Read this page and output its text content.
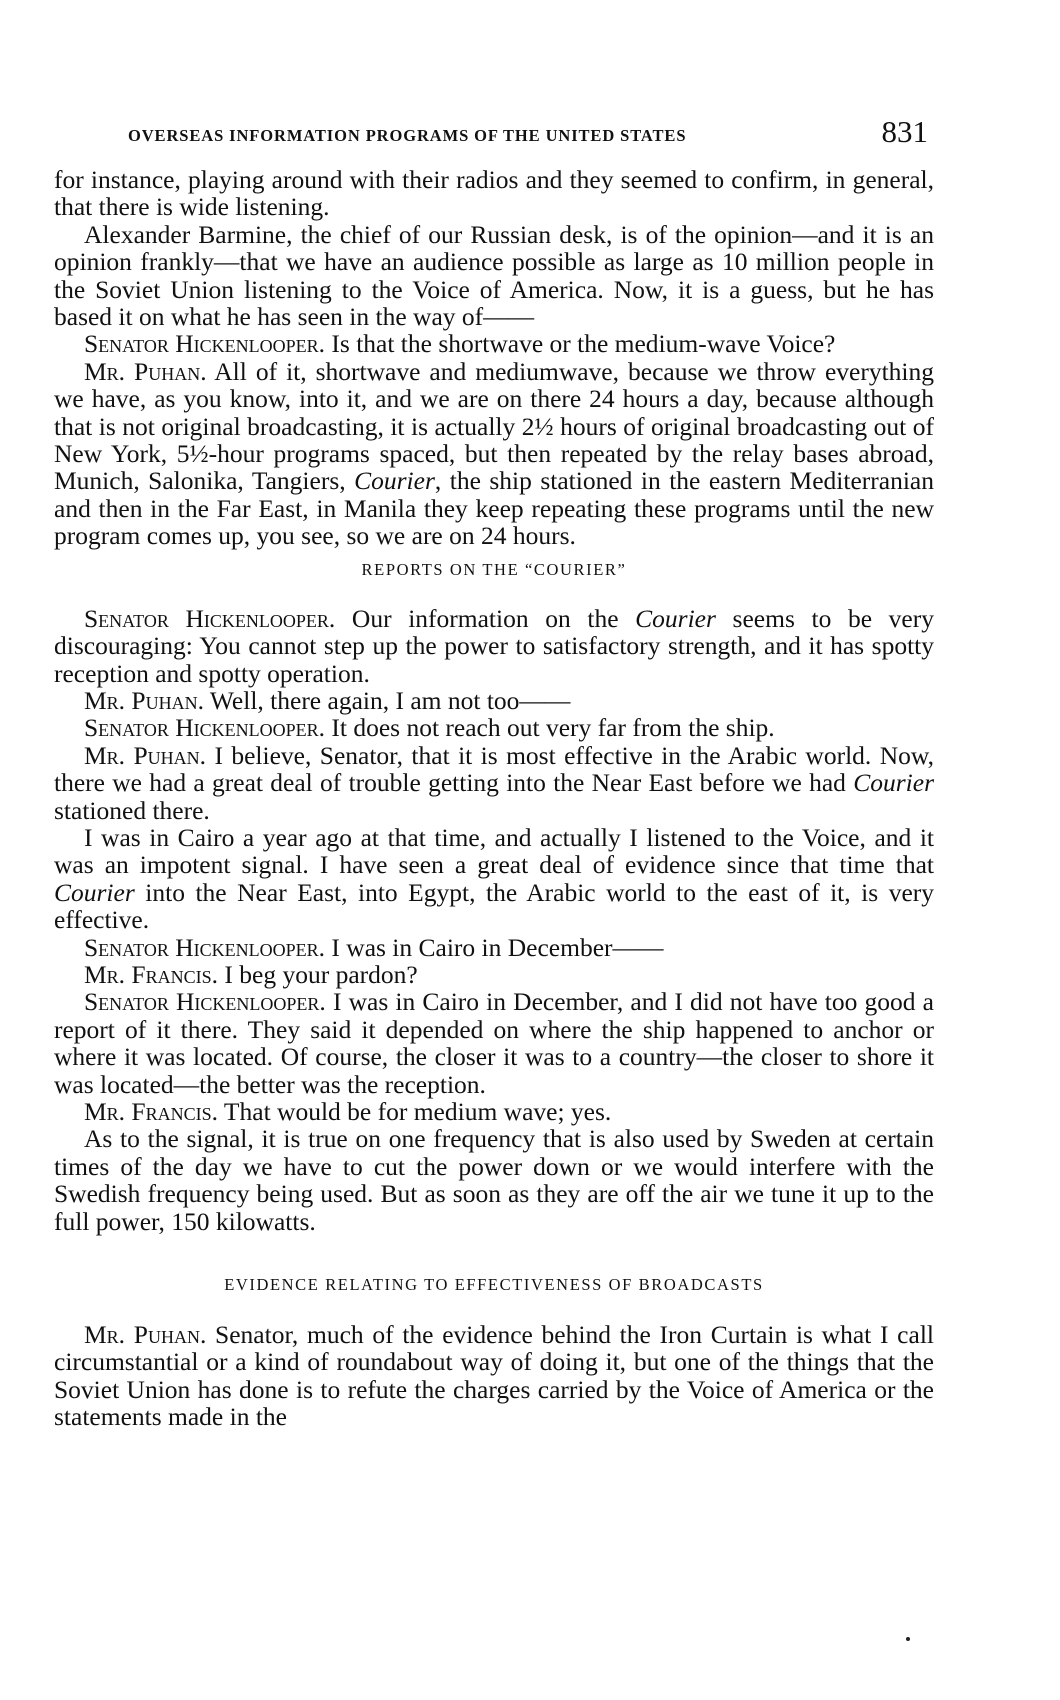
OVERSEAS INFORMATION PROGRAMS OF THE UNITED STATES	831

for instance, playing around with their radios and they seemed to confirm, in general, that there is wide listening.

Alexander Barmine, the chief of our Russian desk, is of the opinion—and it is an opinion frankly—that we have an audience possible as large as 10 million people in the Soviet Union listening to the Voice of America. Now, it is a guess, but he has based it on what he has seen in the way of——

Senator Hickenlooper. Is that the shortwave or the medium-wave Voice?

Mr. Puhan. All of it, shortwave and mediumwave, because we throw everything we have, as you know, into it, and we are on there 24 hours a day, because although that is not original broadcasting, it is actually 2½ hours of original broadcasting out of New York, 5½-hour programs spaced, but then repeated by the relay bases abroad, Munich, Salonika, Tangiers, Courier, the ship stationed in the eastern Mediterranian and then in the Far East, in Manila they keep repeating these programs until the new program comes up, you see, so we are on 24 hours.

REPORTS ON THE “COURIER”

Senator Hickenlooper. Our information on the Courier seems to be very discouraging: You cannot step up the power to satisfactory strength, and it has spotty reception and spotty operation.

Mr. Puhan. Well, there again, I am not too——

Senator Hickenlooper. It does not reach out very far from the ship.

Mr. Puhan. I believe, Senator, that it is most effective in the Arabic world. Now, there we had a great deal of trouble getting into the Near East before we had Courier stationed there.

I was in Cairo a year ago at that time, and actually I listened to the Voice, and it was an impotent signal. I have seen a great deal of evidence since that time that Courier into the Near East, into Egypt, the Arabic world to the east of it, is very effective.

Senator Hickenlooper. I was in Cairo in December——

Mr. Francis. I beg your pardon?

Senator Hickenlooper. I was in Cairo in December, and I did not have too good a report of it there. They said it depended on where the ship happened to anchor or where it was located. Of course, the closer it was to a country—the closer to shore it was located—the better was the reception.

Mr. Francis. That would be for medium wave; yes.

As to the signal, it is true on one frequency that is also used by Sweden at certain times of the day we have to cut the power down or we would interfere with the Swedish frequency being used. But as soon as they are off the air we tune it up to the full power, 150 kilowatts.

EVIDENCE RELATING TO EFFECTIVENESS OF BROADCASTS

Mr. Puhan. Senator, much of the evidence behind the Iron Curtain is what I call circumstantial or a kind of roundabout way of doing it, but one of the things that the Soviet Union has done is to refute the charges carried by the Voice of America or the statements made in the
